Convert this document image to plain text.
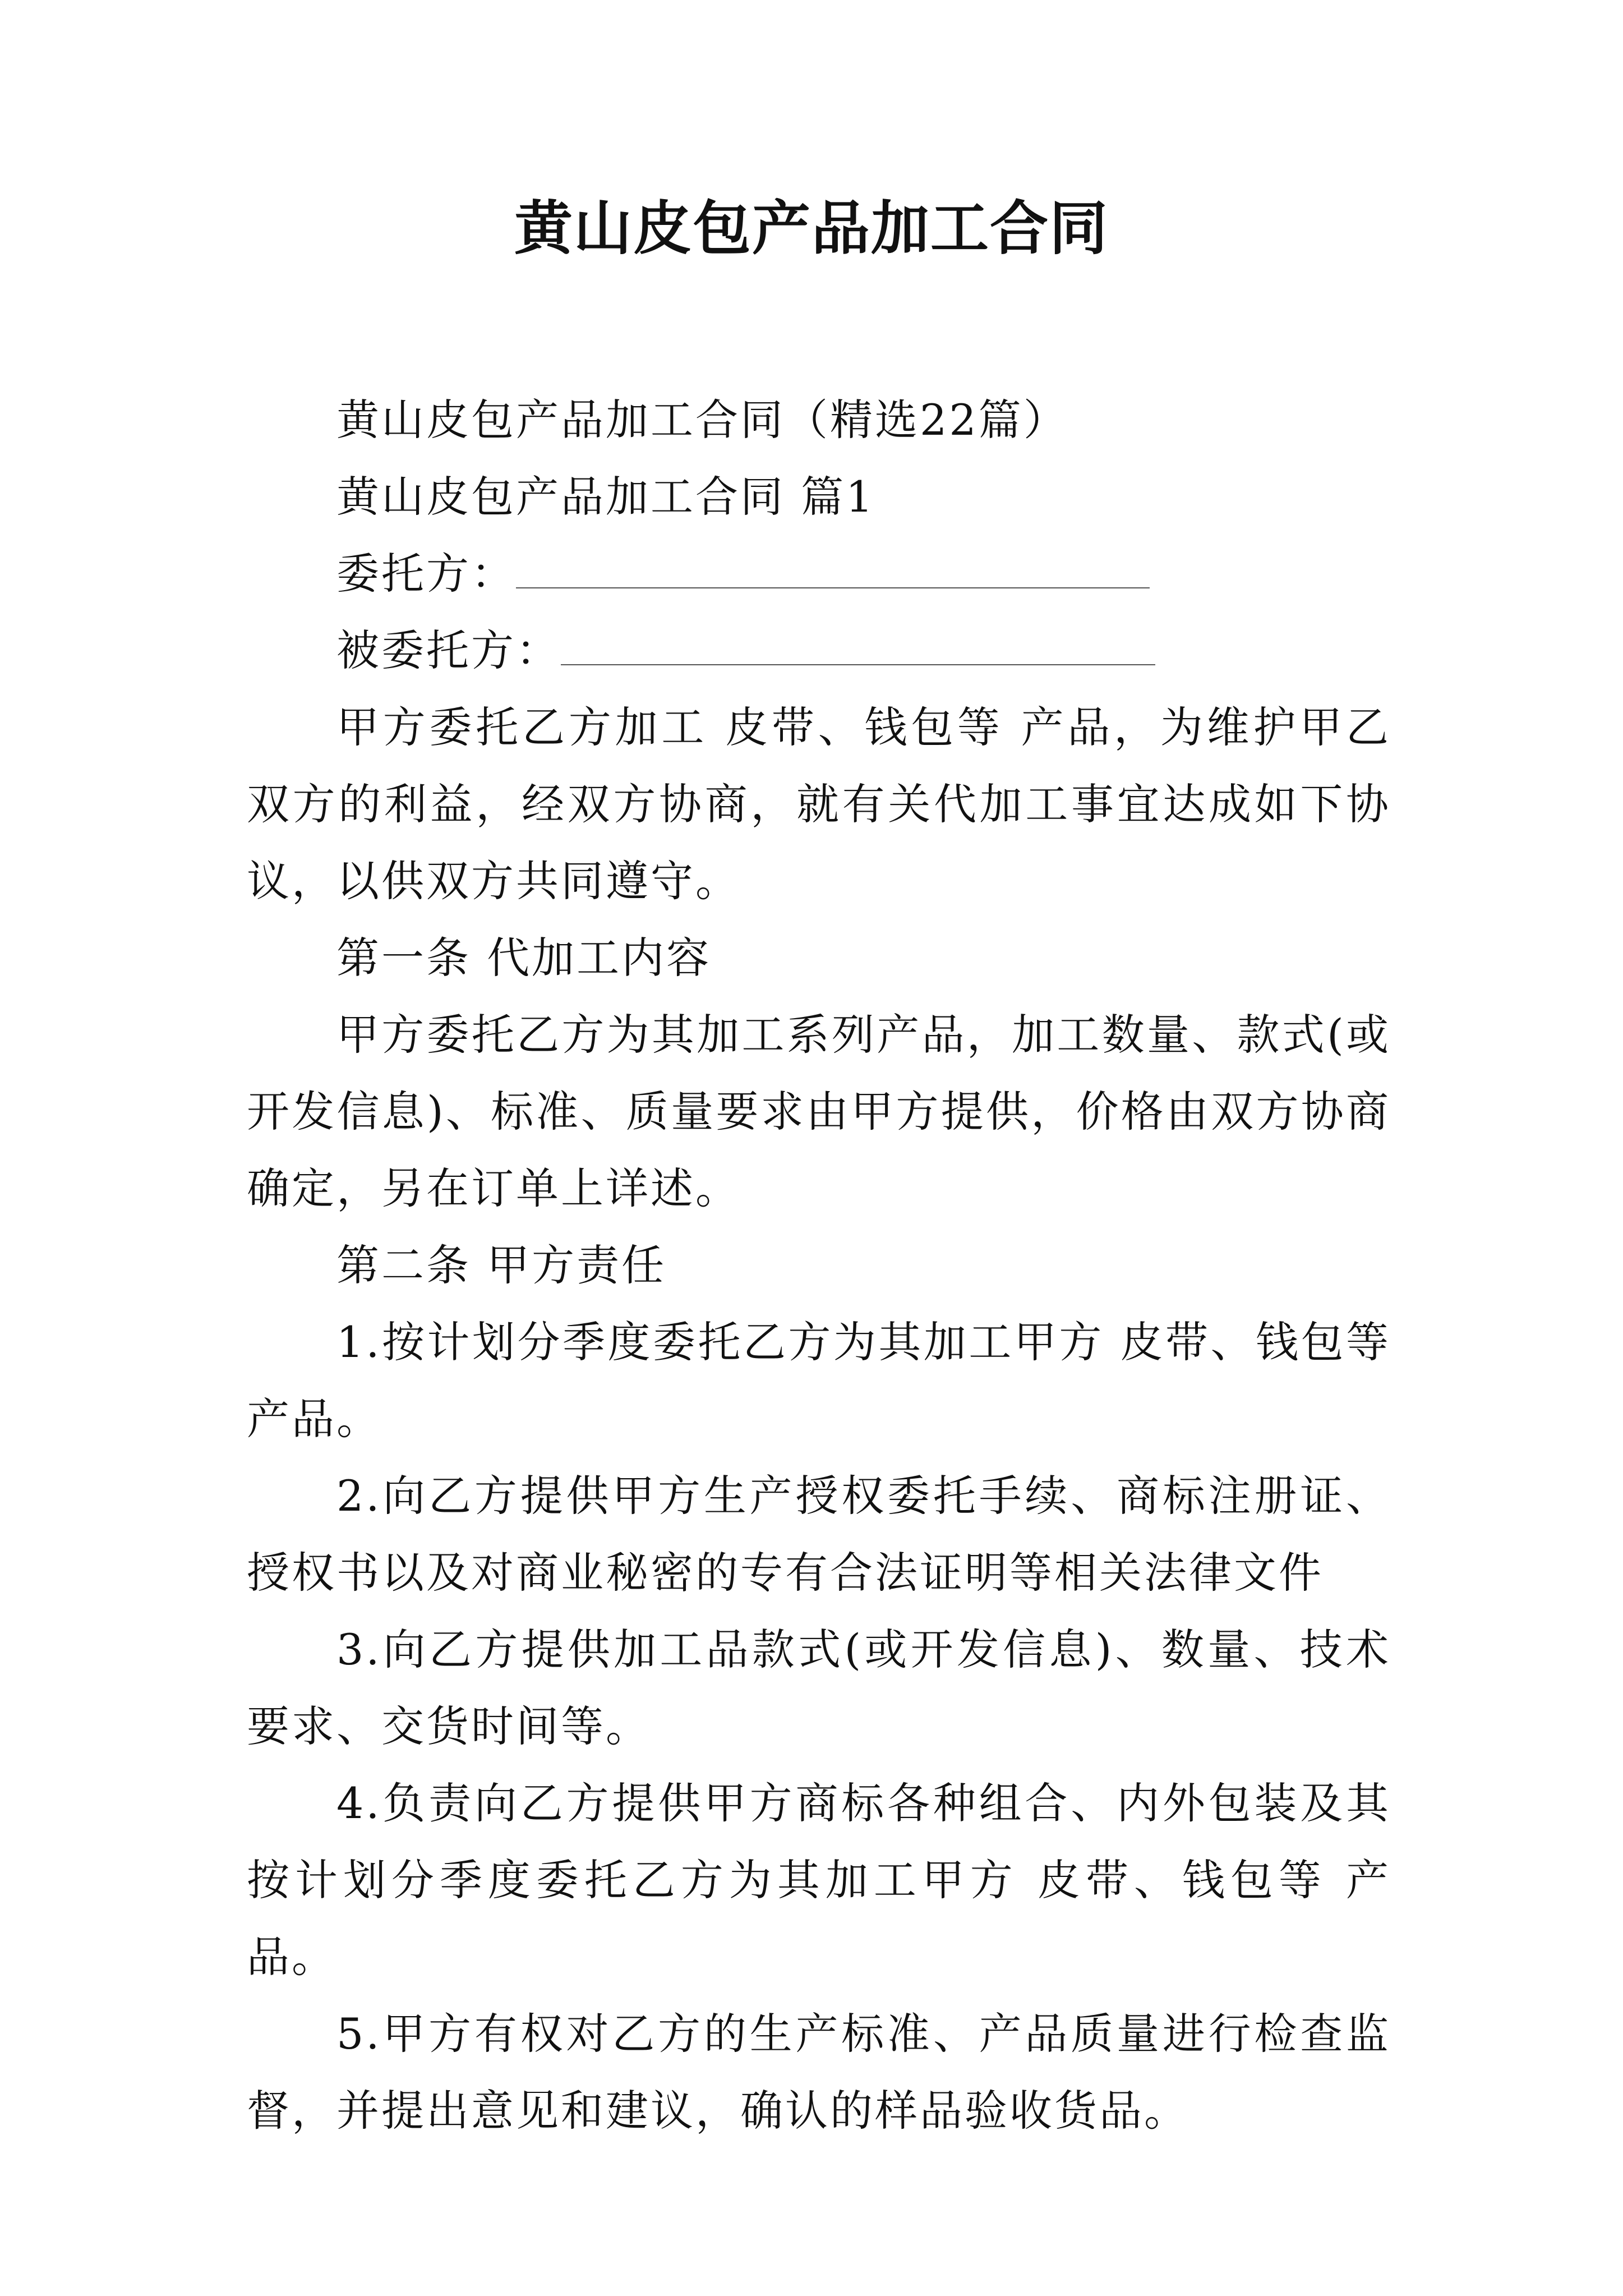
黄山皮包产品加工合同

黄山皮包产品加工合同（精选22篇）

黄山皮包产品加工合同 篇1

委托方：

被委托方：

甲方委托乙方加工 皮带、钱包等 产品，为维护甲乙双方的利益，经双方协商，就有关代加工事宜达成如下协议，以供双方共同遵守。

第一条 代加工内容

甲方委托乙方为其加工系列产品，加工数量、款式(或开发信息)、标准、质量要求由甲方提供，价格由双方协商确定，另在订单上详述。

第二条 甲方责任

1.按计划分季度委托乙方为其加工甲方 皮带、钱包等 产品。

2.向乙方提供甲方生产授权委托手续、商标注册证、授权书以及对商业秘密的专有合法证明等相关法律文件

3.向乙方提供加工品款式(或开发信息)、数量、技术要求、交货时间等。

4.负责向乙方提供甲方商标各种组合、内外包装及其按计划分季度委托乙方为其加工甲方 皮带、钱包等 产品。

5.甲方有权对乙方的生产标准、产品质量进行检查监督，并提出意见和建议，确认的样品验收货品。
